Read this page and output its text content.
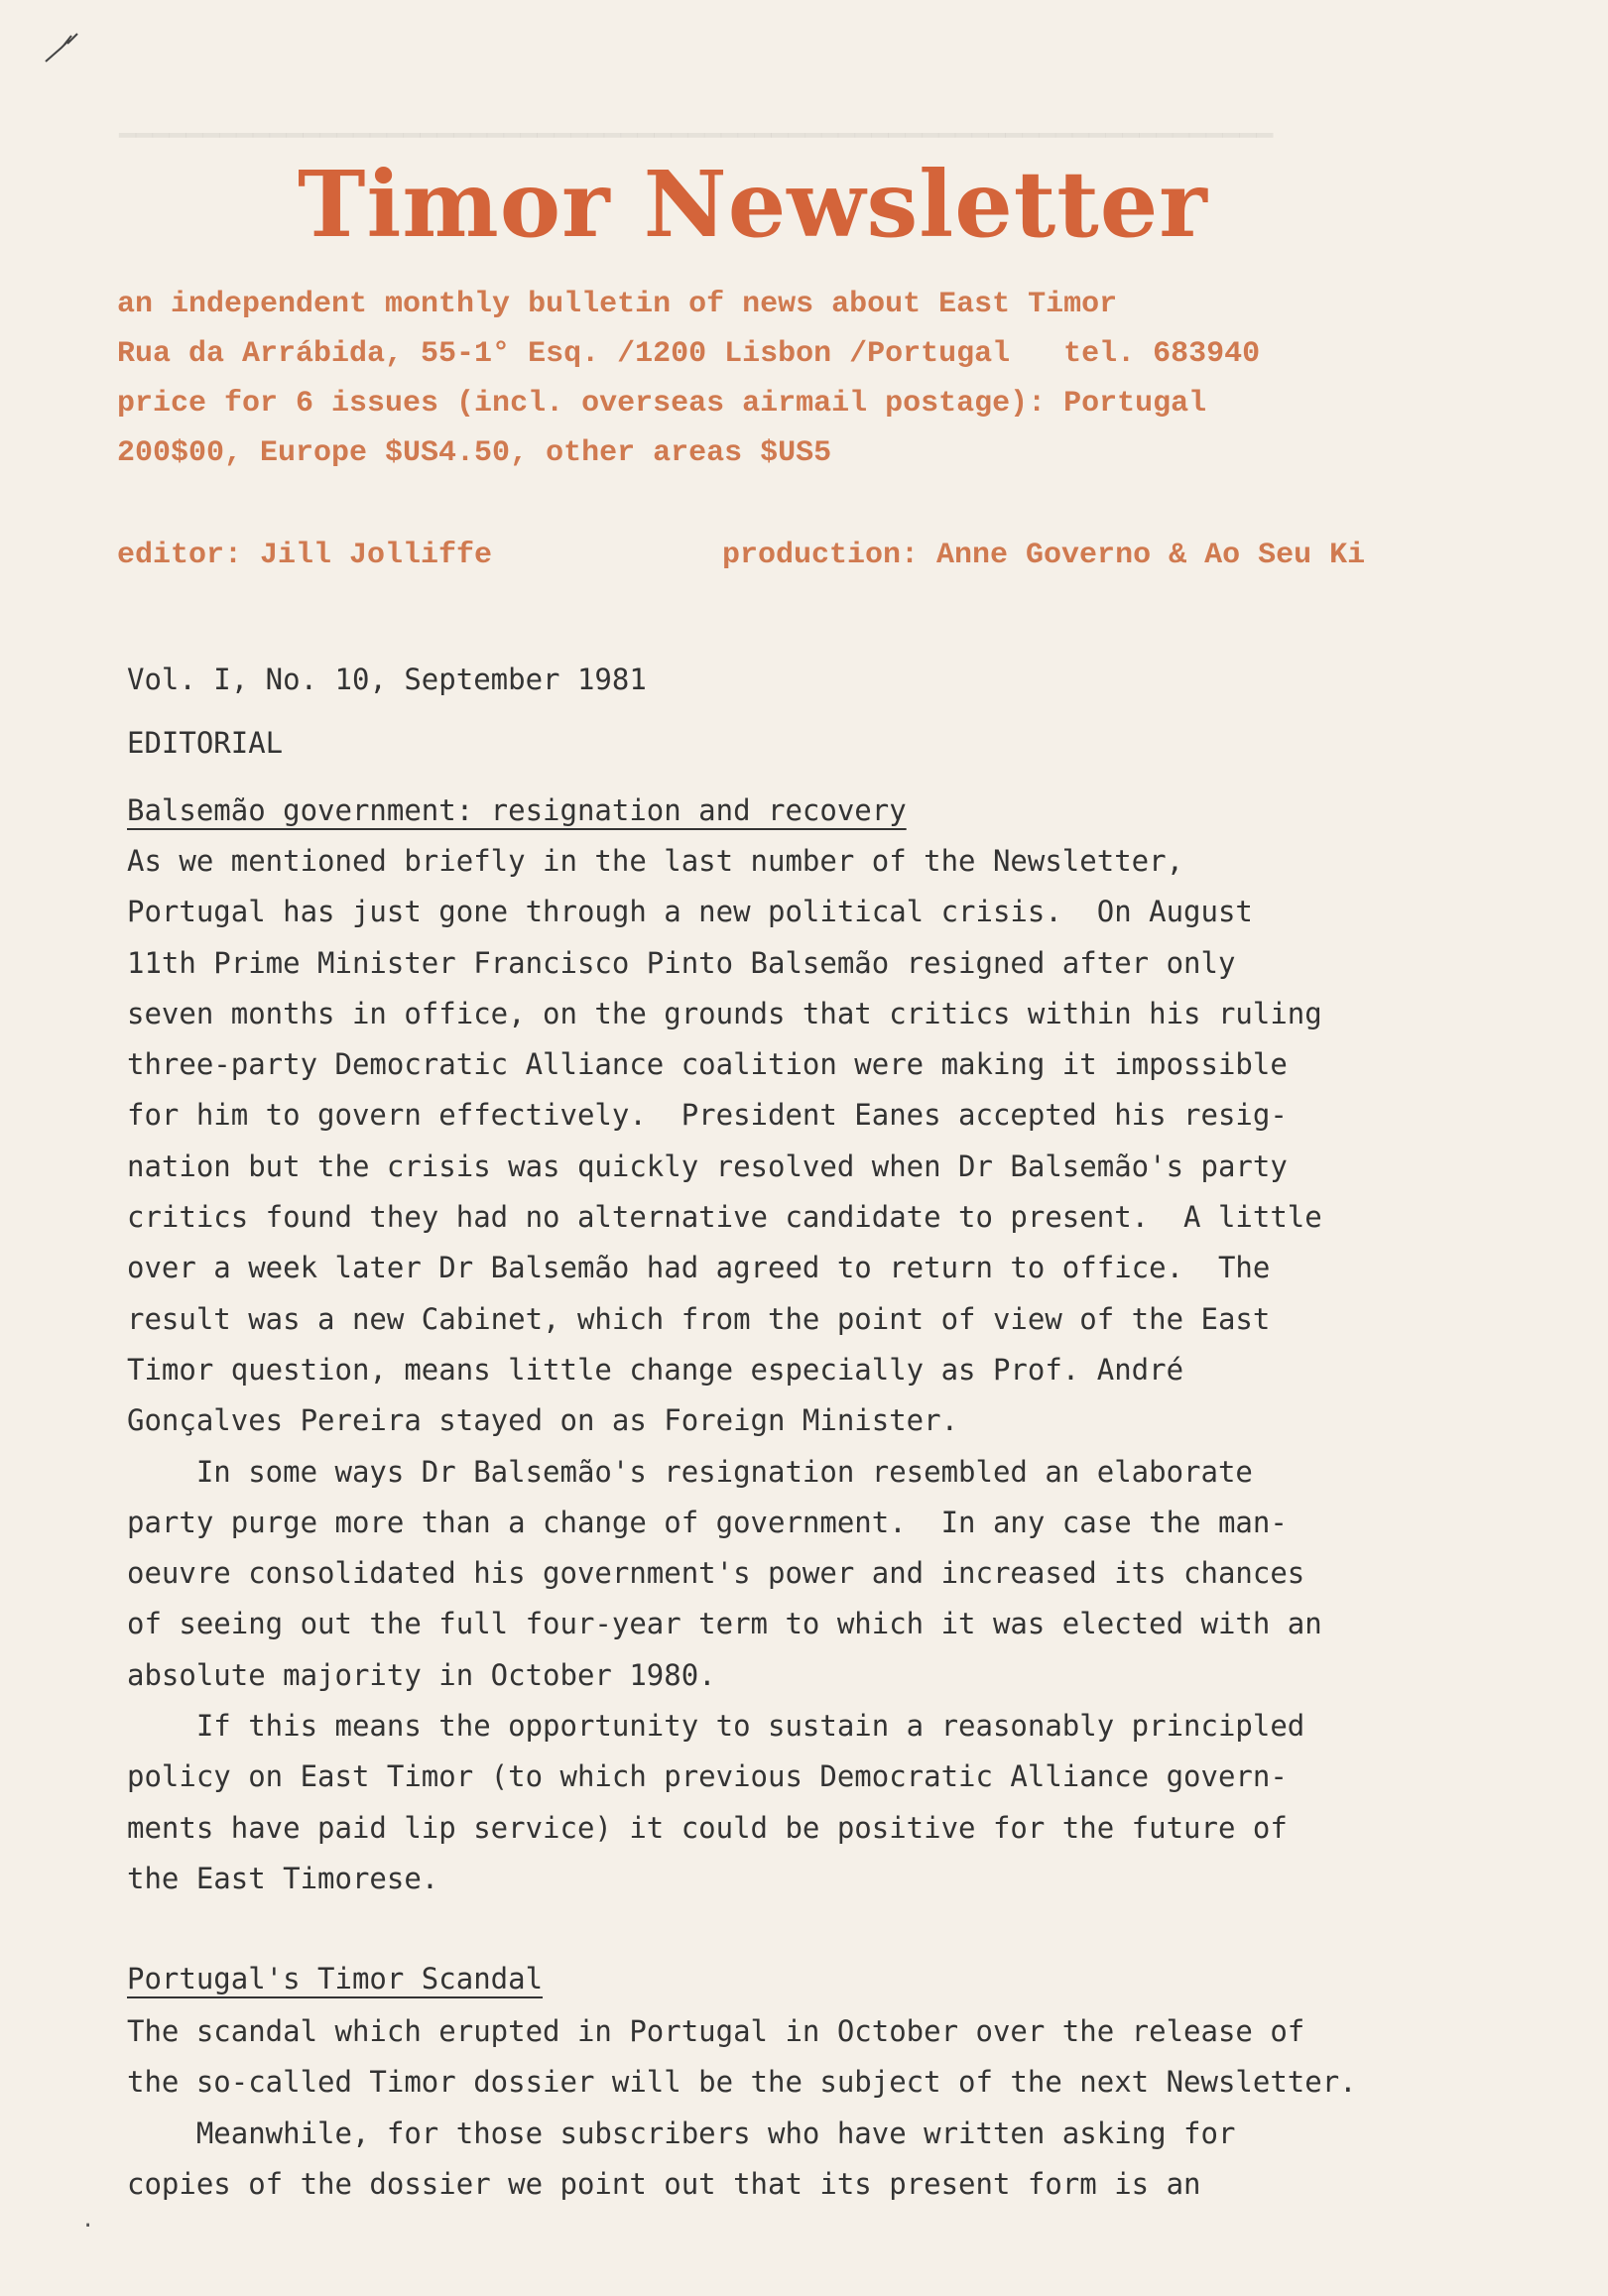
━━━━━━━━━━━━━━━━━━━━━━━━━━━━━━━━━━━━━━━━━━━━━━━━━━━━━━━━━━━━━━━━━━━━━
Timor Newsletter
an independent monthly bulletin of news about East Timor
Rua da Arrábida, 55-1° Esq. /1200 Lisbon /Portugal   tel. 683940
price for 6 issues (incl. overseas airmail postage): Portugal
200$00, Europe $US4.50, other areas $US5
editor: Jill Jolliffe	production: Anne Governo & Ao Seu Ki
Vol. I, No. 10, September 1981
EDITORIAL
Balsemão government: resignation and recovery
As we mentioned briefly in the last number of the Newsletter,
Portugal has just gone through a new political crisis.  On August
11th Prime Minister Francisco Pinto Balsemão resigned after only
seven months in office, on the grounds that critics within his ruling
three-party Democratic Alliance coalition were making it impossible
for him to govern effectively.  President Eanes accepted his resig-
nation but the crisis was quickly resolved when Dr Balsemão's party
critics found they had no alternative candidate to present.  A little
over a week later Dr Balsemão had agreed to return to office.  The
result was a new Cabinet, which from the point of view of the East
Timor question, means little change especially as Prof. André
Gonçalves Pereira stayed on as Foreign Minister.
In some ways Dr Balsemão's resignation resembled an elaborate
party purge more than a change of government.  In any case the man-
oeuvre consolidated his government's power and increased its chances
of seeing out the full four-year term to which it was elected with an
absolute majority in October 1980.
If this means the opportunity to sustain a reasonably principled
policy on East Timor (to which previous Democratic Alliance govern-
ments have paid lip service) it could be positive for the future of
the East Timorese.
Portugal's Timor Scandal
The scandal which erupted in Portugal in October over the release of
the so-called Timor dossier will be the subject of the next Newsletter.
Meanwhile, for those subscribers who have written asking for
copies of the dossier we point out that its present form is an
·
